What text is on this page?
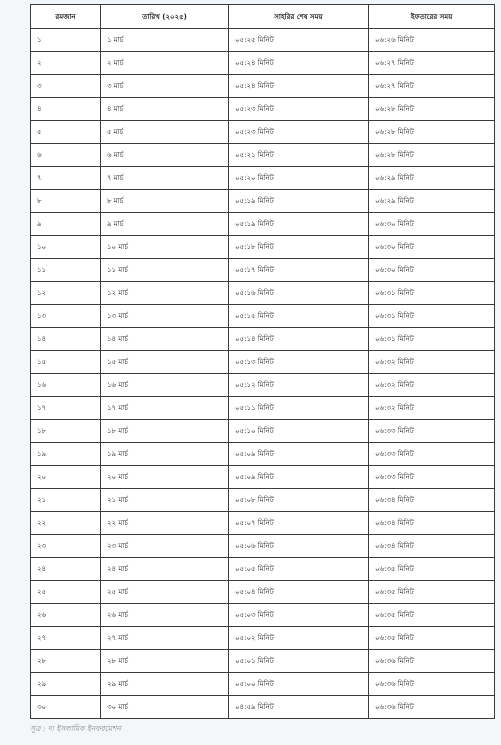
রমজান	তারিখ (২০২৫)	সাহরির শেষ সময়	ইফতারের সময়
১	১ মার্চ	০৫:২৫ মিনিট	০৬:২৬ মিনিট
২	২ মার্চ	০৫:২৪ মিনিট	০৬:২৭ মিনিট
৩	৩ মার্চ	০৫:২৪ মিনিট	০৬:২৭ মিনিট
৪	৪ মার্চ	০৫:২৩ মিনিট	০৬:২৮ মিনিট
৫	৫ মার্চ	০৫:২৩ মিনিট	০৬:২৮ মিনিট
৬	৬ মার্চ	০৫:২১ মিনিট	০৬:২৮ মিনিট
৭	৭ মার্চ	০৫:২০ মিনিট	০৬:২৯ মিনিট
৮	৮ মার্চ	০৫:১৯ মিনিট	০৬:২৯ মিনিট
৯	৯ মার্চ	০৫:১৯ মিনিট	০৬:৩০ মিনিট
১০	১০ মার্চ	০৫:১৮ মিনিট	০৬:৩০ মিনিট
১১	১১ মার্চ	০৫:১৭ মিনিট	০৬:৩০ মিনিট
১২	১২ মার্চ	০৫:১৬ মিনিট	০৬:৩১ মিনিট
১৩	১৩ মার্চ	০৫:১৫ মিনিট	০৬:৩১ মিনিট
১৪	১৪ মার্চ	০৫:১৪ মিনিট	০৬:৩১ মিনিট
১৫	১৫ মার্চ	০৫:১৩ মিনিট	০৬:৩২ মিনিট
১৬	১৬ মার্চ	০৫:১২ মিনিট	০৬:৩২ মিনিট
১৭	১৭ মার্চ	০৫:১১ মিনিট	০৬:৩২ মিনিট
১৮	১৮ মার্চ	০৫:১০ মিনিট	০৬:৩৩ মিনিট
১৯	১৯ মার্চ	০৫:০৯ মিনিট	০৬:৩৩ মিনিট
২০	২০ মার্চ	০৫:০৯ মিনিট	০৬:৩৩ মিনিট
২১	২১ মার্চ	০৫:০৮ মিনিট	০৬:৩৪ মিনিট
২২	২২ মার্চ	০৫:০৭ মিনিট	০৬:৩৪ মিনিট
২৩	২৩ মার্চ	০৫:০৬ মিনিট	০৬:৩৪ মিনিট
২৪	২৪ মার্চ	০৫:০৫ মিনিট	০৬:৩৫ মিনিট
২৫	২৫ মার্চ	০৫:০৪ মিনিট	০৬:৩৫ মিনিট
২৬	২৬ মার্চ	০৫:০৩ মিনিট	০৬:৩৫ মিনিট
২৭	২৭ মার্চ	০৫:০২ মিনিট	০৬:৩৫ মিনিট
২৮	২৮ মার্চ	০৫:০১ মিনিট	০৬:৩৬ মিনিট
২৯	২৯ মার্চ	০৫:০০ মিনিট	০৬:৩৬ মিনিট
৩০	৩০ মার্চ	০৪:৫৯ মিনিট	০৬:৩৬ মিনিট
সূত্র : দ্য ইসলামিক ইনফরমেশন
